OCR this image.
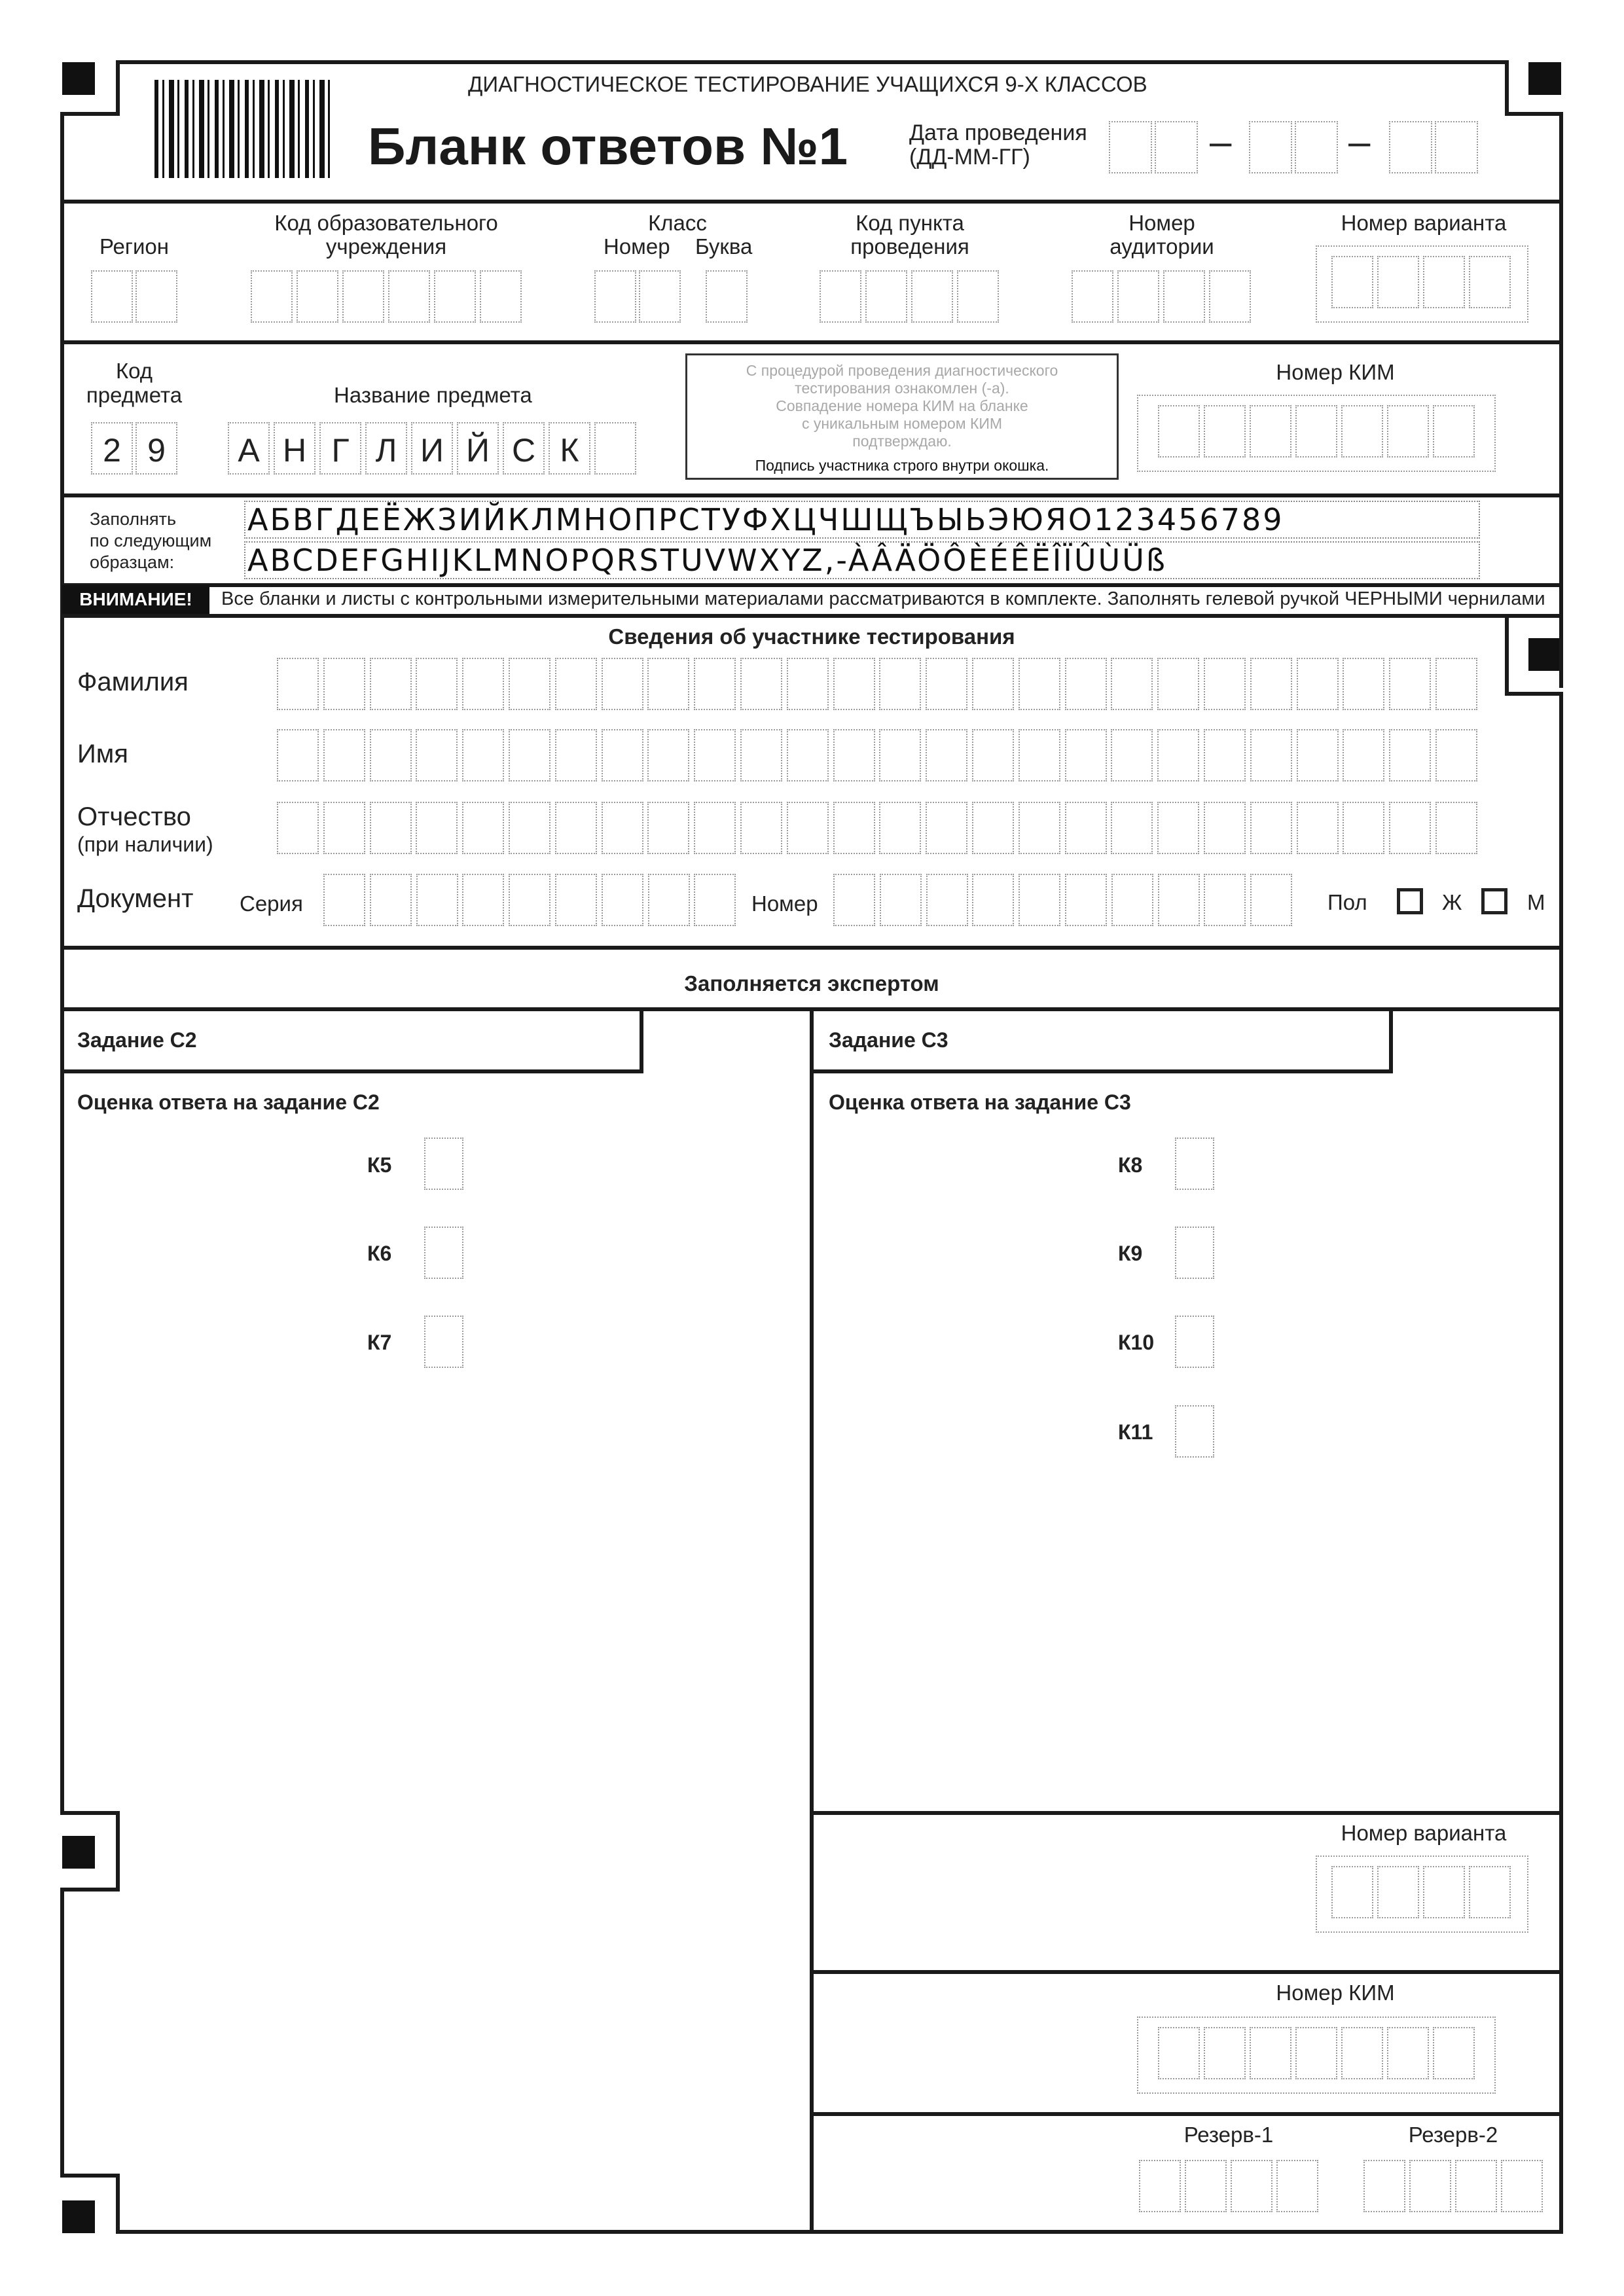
ДИАГНОСТИЧЕСКОЕ ТЕСТИРОВАНИЕ УЧАЩИХСЯ 9-Х КЛАССОВ
Бланк ответов №1	Дата проведения
(ДД-ММ-ГГ)	–	–
Регион
Код образовательного
учреждения
Класс
Номер Буква
Код пункта
проведения
Номер
аудитории
Номер варианта
Код
предмета	Название предмета
2 9	А Н Г Л И Й С К
С процедурой проведения диагностического
тестирования ознакомлен (-а).
Совпадение номера КИМ на бланке
с уникальным номером КИМ
подтверждаю.
Подпись участника строго внутри окошка.
Номер КИМ
Заполнять
по следующим
образцам:
АБВГДЕЁЖЗИЙКЛМНОПРСТУФХЦЧШЩЪЫЬЭЮЯО123456789
ABCDEFGHIJKLMNOPQRSTUVWXYZ,-ÀÂÄÖÔÈÉÊËÎÏÛÙÜß
ВНИМАНИЕ!	Все бланки и листы с контрольными измерительными материалами рассматриваются в комплекте. Заполнять гелевой ручкой ЧЕРНЫМИ чернилами
Сведения об участнике тестирования
Фамилия
Имя
Отчество
(при наличии)
Документ Серия	Номер	Пол	Ж	М
Заполняется экспертом
Задание С2	Задание С3
Оценка ответа на задание С2	Оценка ответа на задание С3
К5
К6
К7
К8
К9
К10
К11
Номер варианта
Номер КИМ
Резерв-1	Резерв-2
